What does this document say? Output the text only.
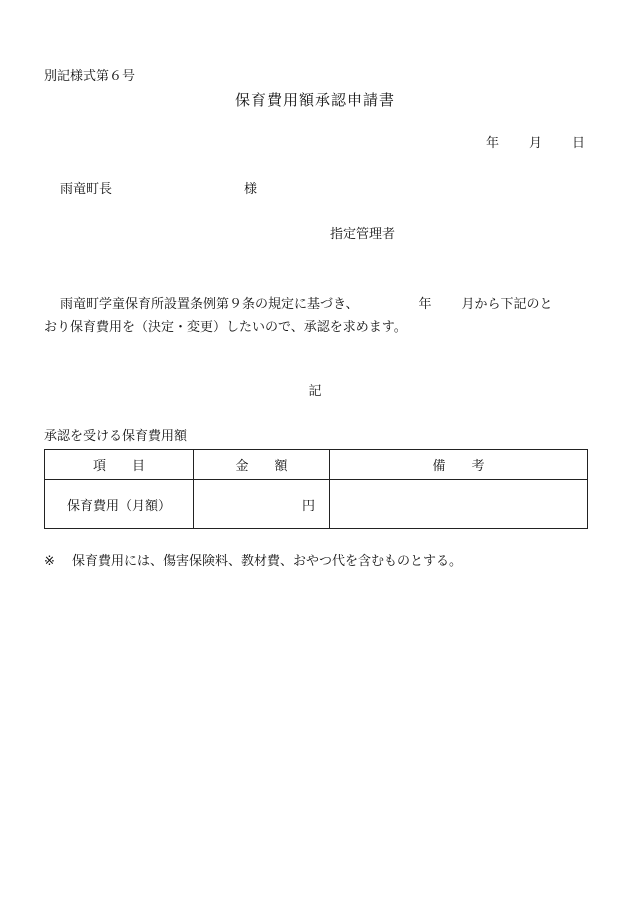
別記様式第６号
保育費用額承認申請書
年 月 日
雨竜町長	様
指定管理者
雨竜町学童保育所設置条例第９条の規定に基づき、	年 月から下記のと
おり保育費用を（決定・変更）したいので、承認を求めます。
記
承認を受ける保育費用額
項　　目	金　　額	備　　考
保育費用（月額）	円	
※ 保育費用には、傷害保険料、教材費、おやつ代を含むものとする。
